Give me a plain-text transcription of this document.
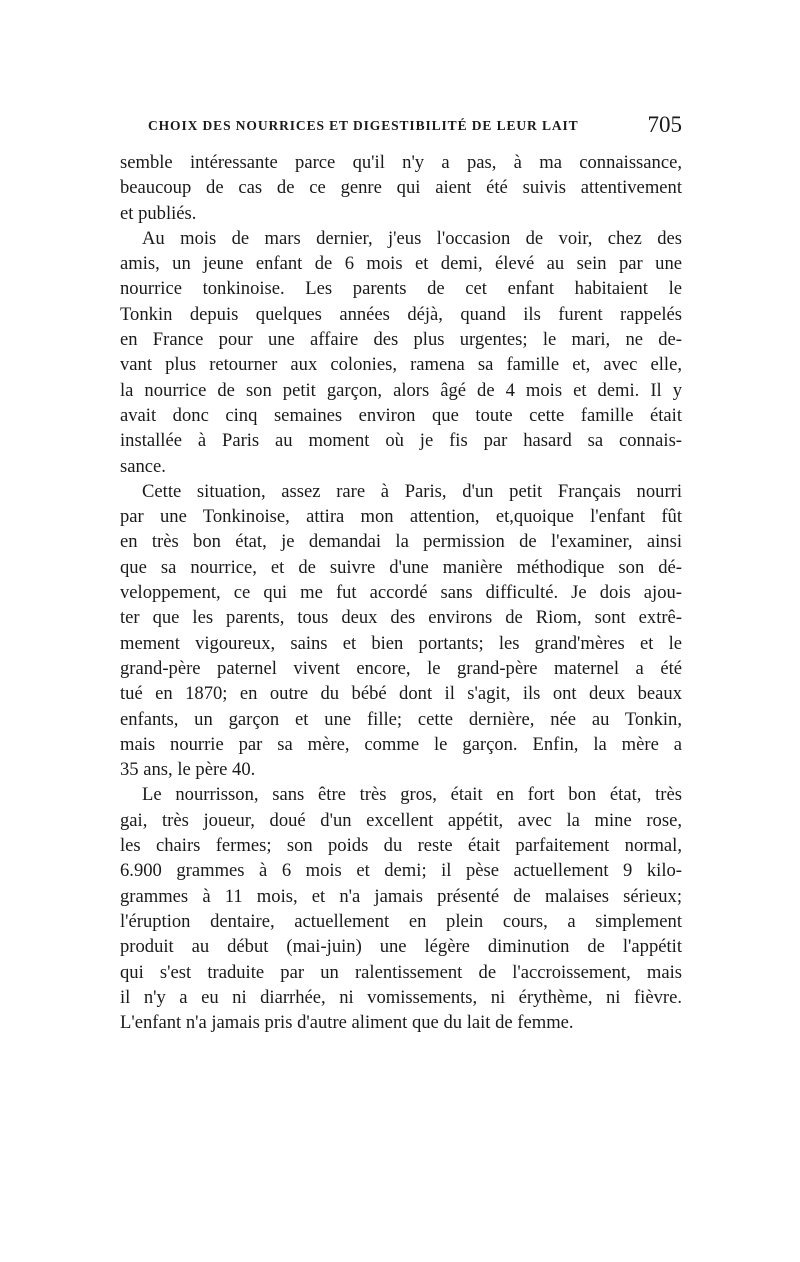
CHOIX DES NOURRICES ET DIGESTIBILITÉ DE LEUR LAIT	705
semble intéressante parce qu'il n'y a pas, à ma connaissance,
beaucoup de cas de ce genre qui aient été suivis attentivement
et publiés.
Au mois de mars dernier, j'eus l'occasion de voir, chez des
amis, un jeune enfant de 6 mois et demi, élevé au sein par une
nourrice tonkinoise. Les parents de cet enfant habitaient le
Tonkin depuis quelques années déjà, quand ils furent rappelés
en France pour une affaire des plus urgentes; le mari, ne de-
vant plus retourner aux colonies, ramena sa famille et, avec elle,
la nourrice de son petit garçon, alors âgé de 4 mois et demi. Il y
avait donc cinq semaines environ que toute cette famille était
installée à Paris au moment où je fis par hasard sa connais-
sance.
Cette situation, assez rare à Paris, d'un petit Français nourri
par une Tonkinoise, attira mon attention, et,quoique l'enfant fût
en très bon état, je demandai la permission de l'examiner, ainsi
que sa nourrice, et de suivre d'une manière méthodique son dé-
veloppement, ce qui me fut accordé sans difficulté. Je dois ajou-
ter que les parents, tous deux des environs de Riom, sont extrê-
mement vigoureux, sains et bien portants; les grand'mères et le
grand-père paternel vivent encore, le grand-père maternel a été
tué en 1870; en outre du bébé dont il s'agit, ils ont deux beaux
enfants, un garçon et une fille; cette dernière, née au Tonkin,
mais nourrie par sa mère, comme le garçon. Enfin, la mère a
35 ans, le père 40.
Le nourrisson, sans être très gros, était en fort bon état, très
gai, très joueur, doué d'un excellent appétit, avec la mine rose,
les chairs fermes; son poids du reste était parfaitement normal,
6.900 grammes à 6 mois et demi; il pèse actuellement 9 kilo-
grammes à 11 mois, et n'a jamais présenté de malaises sérieux;
l'éruption dentaire, actuellement en plein cours, a simplement
produit au début (mai-juin) une légère diminution de l'appétit
qui s'est traduite par un ralentissement de l'accroissement, mais
il n'y a eu ni diarrhée, ni vomissements, ni érythème, ni fièvre.
L'enfant n'a jamais pris d'autre aliment que du lait de femme.
